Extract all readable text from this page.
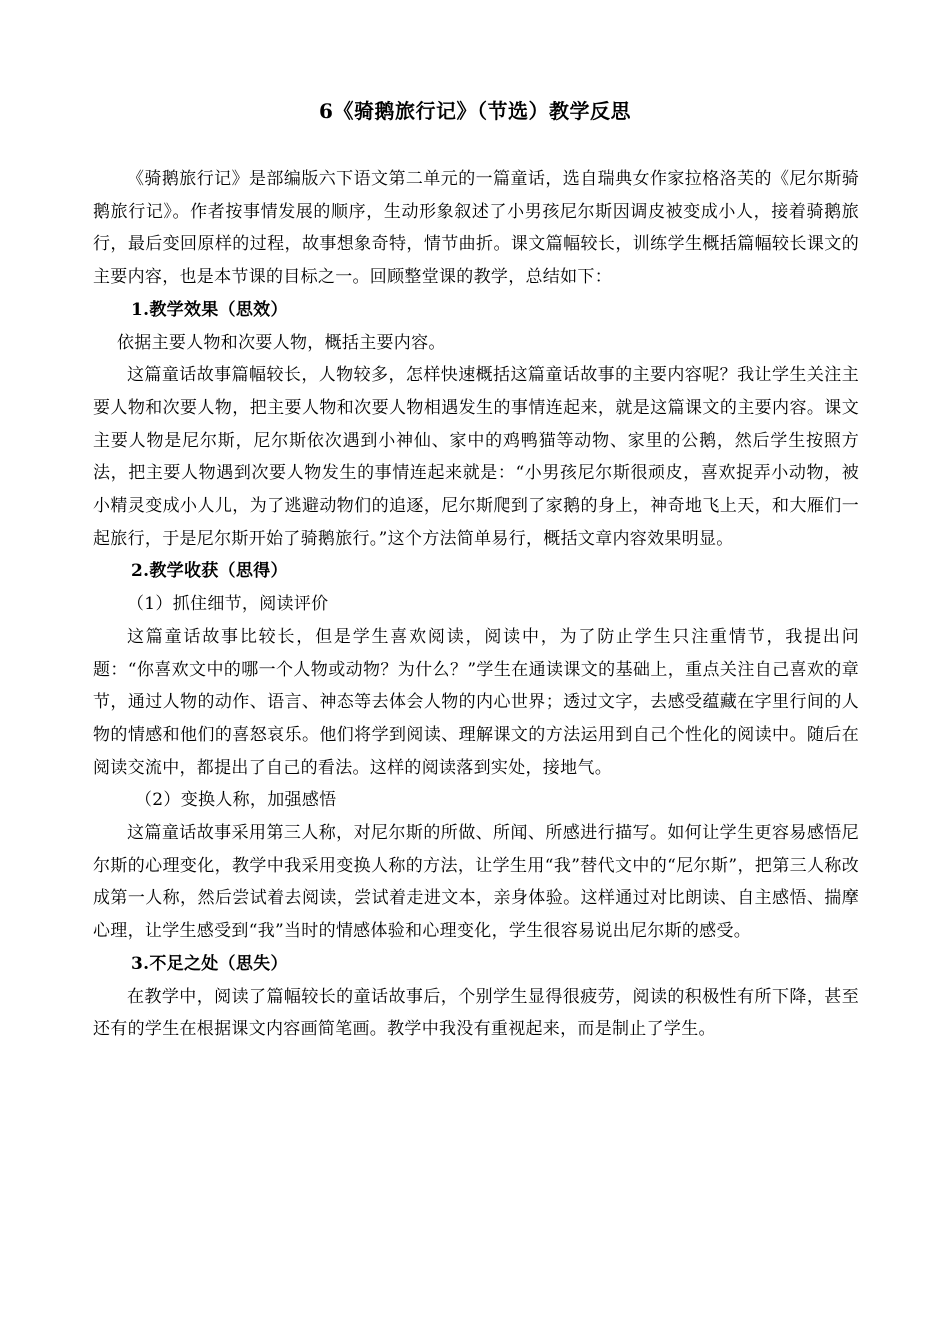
6《骑鹅旅行记》（节选）教学反思

《骑鹅旅行记》是部编版六下语文第二单元的一篇童话，选自瑞典女作家拉格洛芙的《尼尔斯骑鹅旅行记》。作者按事情发展的顺序，生动形象叙述了小男孩尼尔斯因调皮被变成小人，接着骑鹅旅行，最后变回原样的过程，故事想象奇特，情节曲折。课文篇幅较长，训练学生概括篇幅较长课文的主要内容，也是本节课的目标之一。回顾整堂课的教学，总结如下：

1.教学效果（思效）

依据主要人物和次要人物，概括主要内容。

这篇童话故事篇幅较长，人物较多，怎样快速概括这篇童话故事的主要内容呢？我让学生关注主要人物和次要人物，把主要人物和次要人物相遇发生的事情连起来，就是这篇课文的主要内容。课文主要人物是尼尔斯，尼尔斯依次遇到小神仙、家中的鸡鸭猫等动物、家里的公鹅，然后学生按照方法，把主要人物遇到次要人物发生的事情连起来就是：“小男孩尼尔斯很顽皮，喜欢捉弄小动物，被小精灵变成小人儿，为了逃避动物们的追逐，尼尔斯爬到了家鹅的身上，神奇地飞上天，和大雁们一起旅行，于是尼尔斯开始了骑鹅旅行。”这个方法简单易行，概括文章内容效果明显。

2.教学收获（思得）

（1）抓住细节，阅读评价

这篇童话故事比较长，但是学生喜欢阅读，阅读中，为了防止学生只注重情节，我提出问题：“你喜欢文中的哪一个人物或动物？为什么？”学生在通读课文的基础上，重点关注自己喜欢的章节，通过人物的动作、语言、神态等去体会人物的内心世界；透过文字，去感受蕴藏在字里行间的人物的情感和他们的喜怒哀乐。他们将学到阅读、理解课文的方法运用到自己个性化的阅读中。随后在阅读交流中，都提出了自己的看法。这样的阅读落到实处，接地气。

（2）变换人称，加强感悟

这篇童话故事采用第三人称，对尼尔斯的所做、所闻、所感进行描写。如何让学生更容易感悟尼尔斯的心理变化，教学中我采用变换人称的方法，让学生用“我”替代文中的“尼尔斯”，把第三人称改成第一人称，然后尝试着去阅读，尝试着走进文本，亲身体验。这样通过对比朗读、自主感悟、揣摩心理，让学生感受到“我”当时的情感体验和心理变化，学生很容易说出尼尔斯的感受。

3.不足之处（思失）

在教学中，阅读了篇幅较长的童话故事后，个别学生显得很疲劳，阅读的积极性有所下降，甚至还有的学生在根据课文内容画简笔画。教学中我没有重视起来，而是制止了学生。
